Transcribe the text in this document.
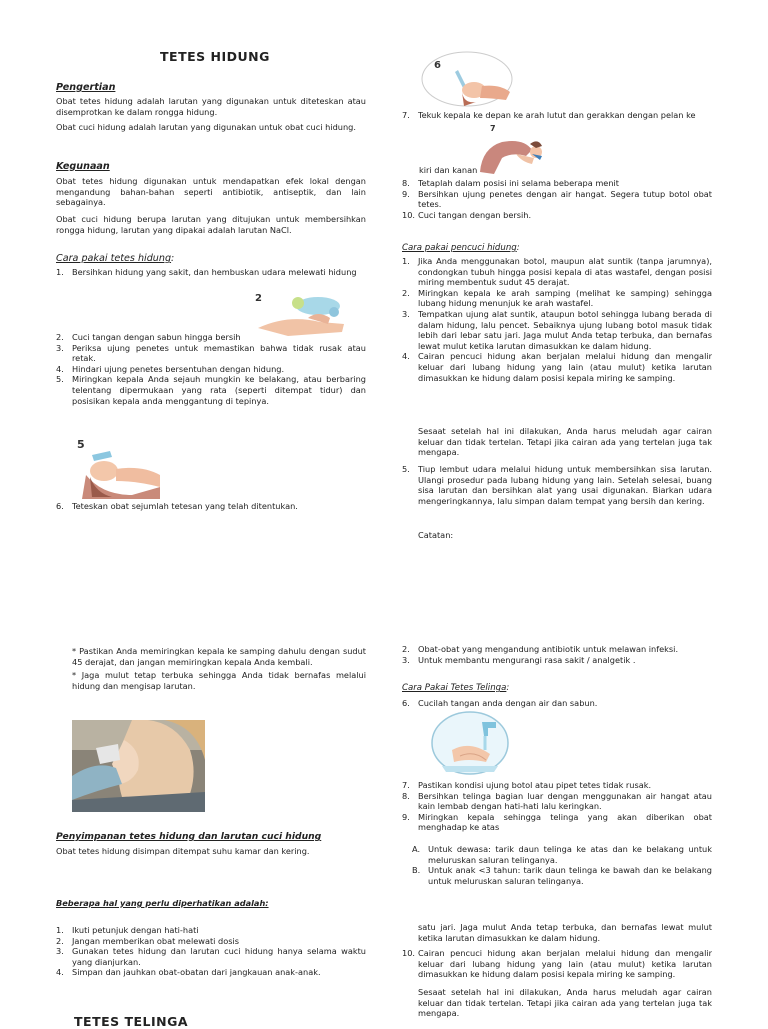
TETES HIDUNG
Pengertian

Obat tetes hidung adalah larutan yang digunakan untuk diteteskan atau disemprotkan ke dalam rongga hidung.

Obat cuci hidung adalah larutan yang digunakan untuk obat cuci hidung.

Kegunaan

Obat tetes hidung digunakan untuk mendapatkan efek lokal dengan mengandung bahan-bahan seperti antibiotik, antiseptik, dan lain sebagainya.

Obat cuci hidung berupa larutan yang ditujukan untuk membersihkan rongga hidung, larutan yang dipakai adalah larutan NaCl.

Cara pakai tetes hidung:
1. Bersihkan hidung yang sakit, dan hembuskan udara melewati hidung
2
2. Cuci tangan dengan sabun hingga bersih
3. Periksa ujung penetes untuk memastikan bahwa tidak rusak atau retak.
4. Hindari ujung penetes bersentuhan dengan hidung.
5. Miringkan kepala Anda sejauh mungkin ke belakang, atau berbaring telentang dipermukaan yang rata (seperti ditempat tidur) dan posisikan kepala anda menggantung di tepinya.
5
6. Teteskan obat sejumlah tetesan yang telah ditentukan.
6
7. Tekuk kepala ke depan ke arah lutut dan gerakkan dengan pelan ke
7

kiri dan kanan

8. Tetaplah dalam posisi ini selama beberapa menit
9. Bersihkan ujung penetes dengan air hangat. Segera tutup botol obat tetes.
10. Cuci tangan dengan bersih.
Cara pakai pencuci hidung:
1. Jika Anda menggunakan botol, maupun alat suntik (tanpa jarumnya), condongkan tubuh hingga posisi kepala di atas wastafel, dengan posisi miring membentuk sudut 45 derajat.
2. Miringkan kepala ke arah samping (melihat ke samping) sehingga lubang hidung menunjuk ke arah wastafel.
3. Tempatkan ujung alat suntik, ataupun botol sehingga lubang berada di dalam hidung, lalu pencet. Sebaiknya ujung lubang botol masuk tidak lebih dari lebar satu jari. Jaga mulut Anda tetap terbuka, dan bernafas lewat mulut ketika larutan dimasukkan ke dalam hidung.
4. Cairan pencuci hidung akan berjalan melalui hidung dan mengalir keluar dari lubang hidung yang lain (atau mulut) ketika larutan dimasukkan ke hidung dalam posisi kepala miring ke samping.

Sesaat setelah hal ini dilakukan, Anda harus meludah agar cairan keluar dan tidak tertelan. Tetapi jika cairan ada yang tertelan juga tak mengapa.

5. Tiup lembut udara melalui hidung untuk membersihkan sisa larutan. Ulangi prosedur pada lubang hidung yang lain. Setelah selesai, buang sisa larutan dan bersihkan alat yang usai digunakan. Biarkan udara mengeringkannya, lalu simpan dalam tempat yang bersih dan kering.

Catatan:

* Pastikan Anda memiringkan kepala ke samping dahulu dengan sudut 45 derajat, dan jangan memiringkan kepala Anda kembali.

* Jaga mulut tetap terbuka sehingga Anda tidak bernafas melalui hidung dan mengisap larutan.

Penyimpanan tetes hidung dan larutan cuci hidung

Obat tetes hidung disimpan ditempat suhu kamar dan kering.

Beberapa hal yang perlu diperhatikan adalah:
1. Ikuti petunjuk dengan hati-hati
2. Jangan memberikan obat melewati dosis
3. Gunakan tetes hidung dan larutan cuci hidung hanya selama waktu yang dianjurkan.
4. Simpan dan jauhkan obat-obatan dari jangkauan anak-anak.
TETES TELINGA
2. Obat-obat yang mengandung antibiotik untuk melawan infeksi.
3. Untuk membantu mengurangi rasa sakit / analgetik .
Cara Pakai Tetes Telinga:
6. Cucilah tangan anda dengan air dan sabun.
7. Pastikan kondisi ujung botol atau pipet tetes tidak rusak.
8. Bersihkan telinga bagian luar dengan menggunakan air hangat atau kain lembab dengan hati-hati lalu keringkan.
9. Miringkan kepala sehingga telinga yang akan diberikan obat menghadap ke atas
A. Untuk dewasa: tarik daun telinga ke atas dan ke belakang untuk meluruskan saluran telinganya.
B. Untuk anak <3 tahun: tarik daun telinga ke bawah dan ke belakang untuk meluruskan saluran telinganya.

satu jari. Jaga mulut Anda tetap terbuka, dan bernafas lewat mulut ketika larutan dimasukkan ke dalam hidung.

10. Cairan pencuci hidung akan berjalan melalui hidung dan mengalir keluar dari lubang hidung yang lain (atau mulut) ketika larutan dimasukkan ke hidung dalam posisi kepala miring ke samping.

Sesaat setelah hal ini dilakukan, Anda harus meludah agar cairan keluar dan tidak tertelan. Tetapi jika cairan ada yang tertelan juga tak mengapa.
